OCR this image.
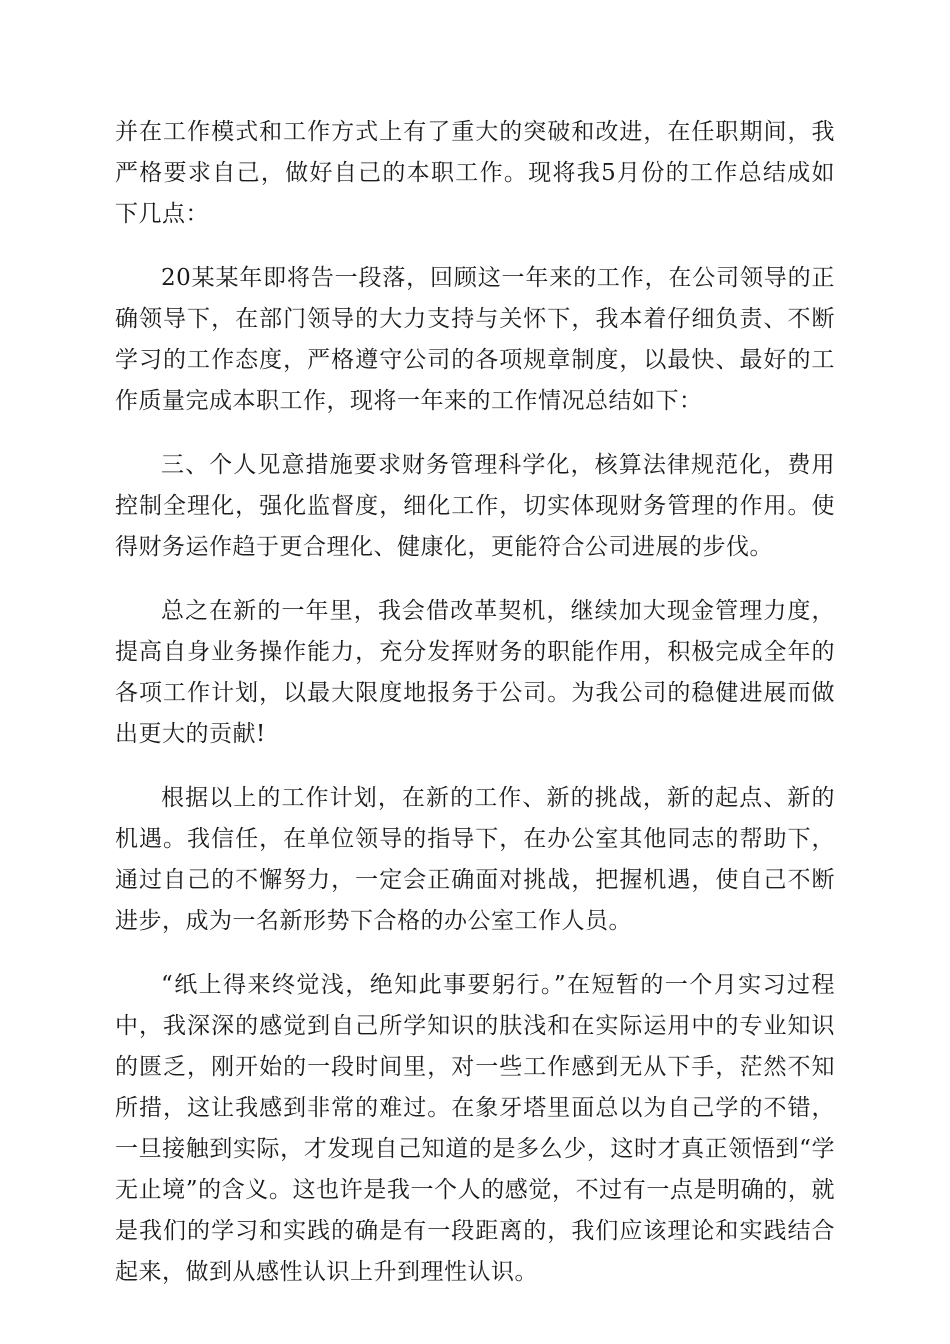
并在工作模式和工作方式上有了重大的突破和改进，在任职期间，我严格要求自己，做好自己的本职工作。现将我5月份的工作总结成如下几点：

20某某年即将告一段落，回顾这一年来的工作，在公司领导的正确领导下，在部门领导的大力支持与关怀下，我本着仔细负责、不断学习的工作态度，严格遵守公司的各项规章制度，以最快、最好的工作质量完成本职工作，现将一年来的工作情况总结如下：

三、个人见意措施要求财务管理科学化，核算法律规范化，费用控制全理化，强化监督度，细化工作，切实体现财务管理的作用。使得财务运作趋于更合理化、健康化，更能符合公司进展的步伐。

总之在新的一年里，我会借改革契机，继续加大现金管理力度，提高自身业务操作能力，充分发挥财务的职能作用，积极完成全年的各项工作计划，以最大限度地报务于公司。为我公司的稳健进展而做出更大的贡献!

根据以上的工作计划，在新的工作、新的挑战，新的起点、新的机遇。我信任，在单位领导的指导下，在办公室其他同志的帮助下，通过自己的不懈努力，一定会正确面对挑战，把握机遇，使自己不断进步，成为一名新形势下合格的办公室工作人员。

“纸上得来终觉浅，绝知此事要躬行。”在短暂的一个月实习过程中，我深深的感觉到自己所学知识的肤浅和在实际运用中的专业知识的匮乏，刚开始的一段时间里，对一些工作感到无从下手，茫然不知所措，这让我感到非常的难过。在象牙塔里面总以为自己学的不错，一旦接触到实际，才发现自己知道的是多么少，这时才真正领悟到“学无止境”的含义。这也许是我一个人的感觉，不过有一点是明确的，就是我们的学习和实践的确是有一段距离的，我们应该理论和实践结合起来，做到从感性认识上升到理性认识。
